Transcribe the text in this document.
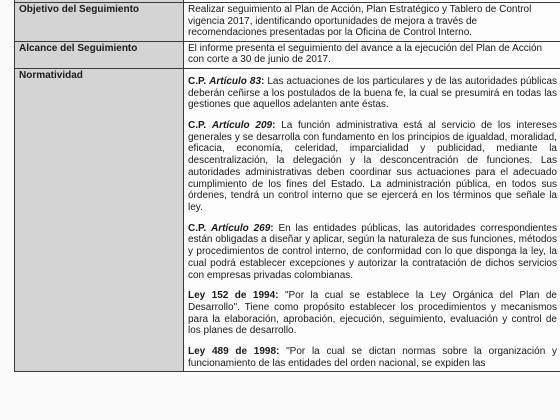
Objetivo del Seguimiento	Realizar seguimiento al Plan de Acción, Plan Estratégico y Tablero de Control vigencia 2017, identificando oportunidades de mejora a través de recomendaciones presentadas por la Oficina de Control Interno.
Alcance del Seguimiento	El informe presenta el seguimiento del avance a la ejecución del Plan de Acción con corte a 30 de junio de 2017.
Normatividad	C.P. Artículo 83: Las actuaciones de los particulares y de las autoridades públicas deberán ceñirse a los postulados de la buena fe, la cual se presumirá en todas las gestiones que aquellos adelanten ante éstas.

C.P. Artículo 209: La función administrativa está al servicio de los intereses generales y se desarrolla con fundamento en los principios de igualdad, moralidad, eficacia, economía, celeridad, imparcialidad y publicidad, mediante la descentralización, la delegación y la desconcentración de funciones. Las autoridades administrativas deben coordinar sus actuaciones para el adecuado cumplimiento de los fines del Estado. La administración pública, en todos sus órdenes, tendrá un control interno que se ejercerá en los términos que señale la ley.

C.P. Artículo 269: En las entidades públicas, las autoridades correspondientes están obligadas a diseñar y aplicar, según la naturaleza de sus funciones, métodos y procedimientos de control interno, de conformidad con lo que disponga la ley, la cual podrá establecer excepciones y autorizar la contratación de dichos servicios con empresas privadas colombianas.

Ley 152 de 1994: "Por la cual se establece la Ley Orgánica del Plan de Desarrollo". Tiene como propósito establecer los procedimientos y mecanismos para la elaboración, aprobación, ejecución, seguimiento, evaluación y control de los planes de desarrollo.

Ley 489 de 1998: "Por la cual se dictan normas sobre la organización y funcionamiento de las entidades del orden nacional, se expiden las
